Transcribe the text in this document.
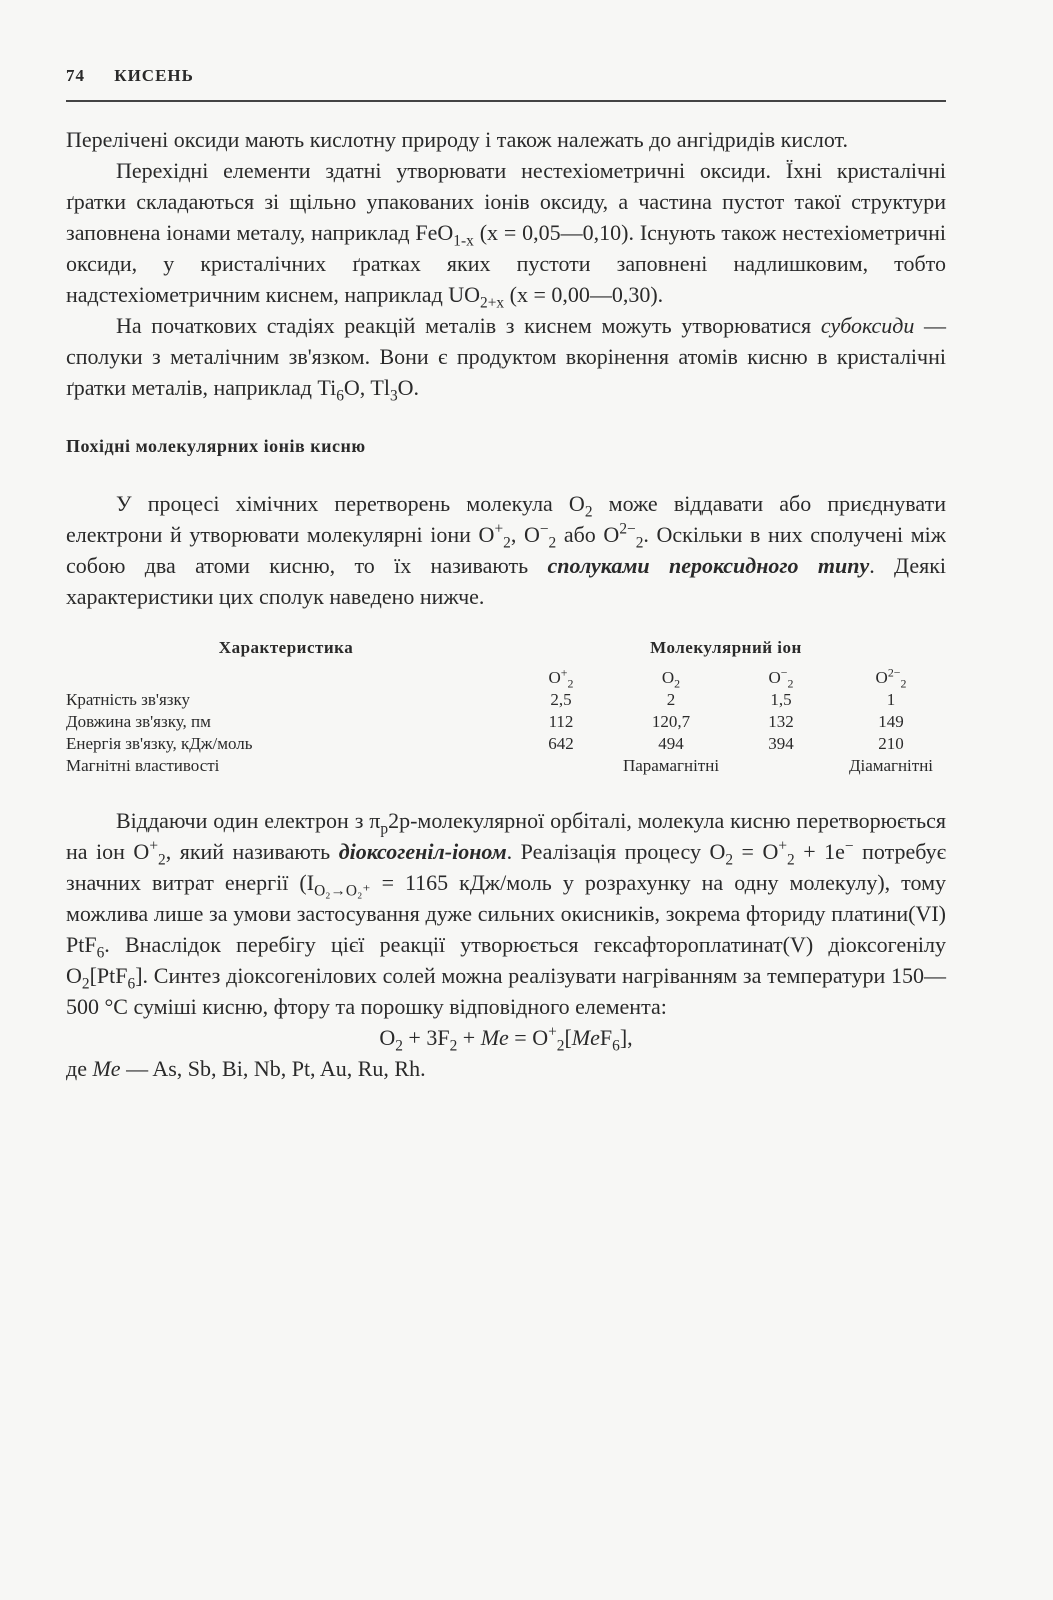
74 КИСЕНЬ

Перелічені оксиди мають кислотну природу і також належать до ангідридів кислот.

Перехідні елементи здатні утворювати нестехіометричні оксиди. Їхні кристалічні ґратки складаються зі щільно упакованих іонів оксиду, а частина пустот такої структури заповнена іонами металу, наприклад FeO$_{1-x}$ (x = 0,05—0,10). Існують також нестехіометричні оксиди, у кристалічних ґратках яких пустоти заповнені надлишковим, тобто надстехіометричним киснем, наприклад $UO_{2+x}$ (x = 0,00—0,30).

На початкових стадіях реакцій металів з киснем можуть утворюватися субоксиди — сполуки з металічним зв'язком. Вони є продуктом вкорінення атомів кисню в кристалічні ґратки металів, наприклад $Ti_6O$, $Tl_3O$.

Похідні молекулярних іонів кисню

У процесі хімічних перетворень молекула $O_2$ може віддавати або приєднувати електрони й утворювати молекулярні іони $O^+_2$, $O^-_2$ або $O^{2-}_2$. Оскільки в них сполучені між собою два атоми кисню, то їх називають сполуками пероксидного типу. Деякі характеристики цих сполук наведено нижче.

Характеристика	Молекулярний іон			
	$O^+_2$	$O_2$	$O^-_2$	$O^{2-}_2$
Кратність зв'язку	2,5	2	1,5	1
Довжина зв'язку, пм	112	120,7	132	149
Енергія зв'язку, кДж/моль	642	494	394	210
Магнітні властивості	Парамагнітні			Діамагнітні

Віддаючи один електрон з $\pi_p2p$-молекулярної орбіталі, молекула кисню перетворюється на іон $O^+_2$, який називають діоксогеніл-іоном. Реалізація процесу $O_2 = O^+_2 + 1e^-$ потребує значних витрат енергії ($I_{O_2\to O_2^+} = 1165$ кДж/моль у розрахунку на одну молекулу), тому можлива лише за умови застосування дуже сильних окисників, зокрема фториду платини(VI) PtF$_6$. Внаслідок перебігу цієї реакції утворюється гексафтороплатинат(V) діоксогенілу $O_2[PtF_6]$. Синтез діоксогенілових солей можна реалізувати нагріванням за температури 150—500 °С суміші кисню, фтору та порошку відповідного елемента:

$O_2 + 3F_2 + Me = O^+_2[MeF_6]$,

де Me — As, Sb, Bi, Nb, Pt, Au, Ru, Rh.
